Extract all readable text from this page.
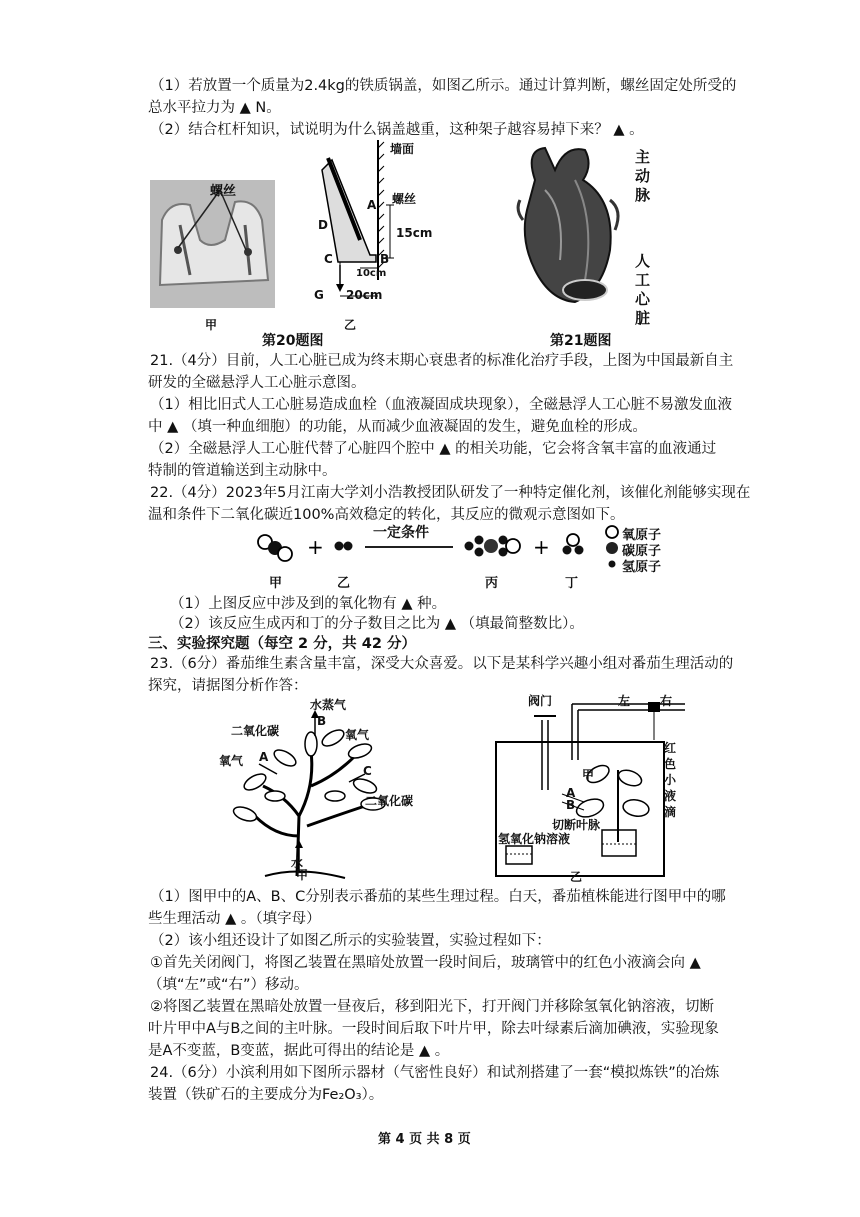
（1）若放置一个质量为2.4kg的铁质锅盖，如图乙所示。通过计算判断，螺丝固定处所受的
总水平拉力为 ▲ N。
（2）结合杠杆知识，试说明为什么锅盖越重，这种架子越容易掉下来？ ▲ 。
螺丝
甲
墙面
螺丝
A
D
B
C
15cm
10cm
20cm
G
乙
第20题图
主动脉
人工心脏
第21题图
21.（4分）目前，人工心脏已成为终末期心衰患者的标准化治疗手段，上图为中国最新自主
研发的全磁悬浮人工心脏示意图。
（1）相比旧式人工心脏易造成血栓（血液凝固成块现象），全磁悬浮人工心脏不易激发血液
中 ▲ （填一种血细胞）的功能，从而减少血液凝固的发生，避免血栓的形成。
（2）全磁悬浮人工心脏代替了心脏四个腔中 ▲ 的相关功能，它会将含氧丰富的血液通过
特制的管道输送到主动脉中。
22.（4分）2023年5月江南大学刘小浩教授团队研发了一种特定催化剂，该催化剂能够实现在
温和条件下二氧化碳近100%高效稳定的转化，其反应的微观示意图如下。
+	+
一定条件
甲	乙	丙	丁
氧原子
碳原子
氢原子
（1）上图反应中涉及到的氧化物有 ▲ 种。
（2）该反应生成丙和丁的分子数目之比为 ▲ （填最简整数比）。
三、实验探究题（每空 2 分，共 42 分）
23.（6分）番茄维生素含量丰富，深受大众喜爱。以下是某科学兴趣小组对番茄生理活动的
探究，请据图分析作答：
水蒸气
B
二氧化碳	氧气
氧气 A
C
二氧化碳
水
甲
阀门	左 右
红色小液滴
甲
A
B
切断叶脉
氢氧化钠溶液
乙
（1）图甲中的A、B、C分别表示番茄的某些生理过程。白天，番茄植株能进行图甲中的哪
些生理活动 ▲ 。（填字母）
（2）该小组还设计了如图乙所示的实验装置，实验过程如下：
①首先关闭阀门，将图乙装置在黑暗处放置一段时间后，玻璃管中的红色小液滴会向 ▲
（填“左”或“右”）移动。
②将图乙装置在黑暗处放置一昼夜后，移到阳光下，打开阀门并移除氢氧化钠溶液，切断
叶片甲中A与B之间的主叶脉。一段时间后取下叶片甲，除去叶绿素后滴加碘液，实验现象
是A不变蓝，B变蓝，据此可得出的结论是 ▲ 。
24.（6分）小滨利用如下图所示器材（气密性良好）和试剂搭建了一套“模拟炼铁”的冶炼
装置（铁矿石的主要成分为Fe₂O₃）。
第 4 页 共 8 页
